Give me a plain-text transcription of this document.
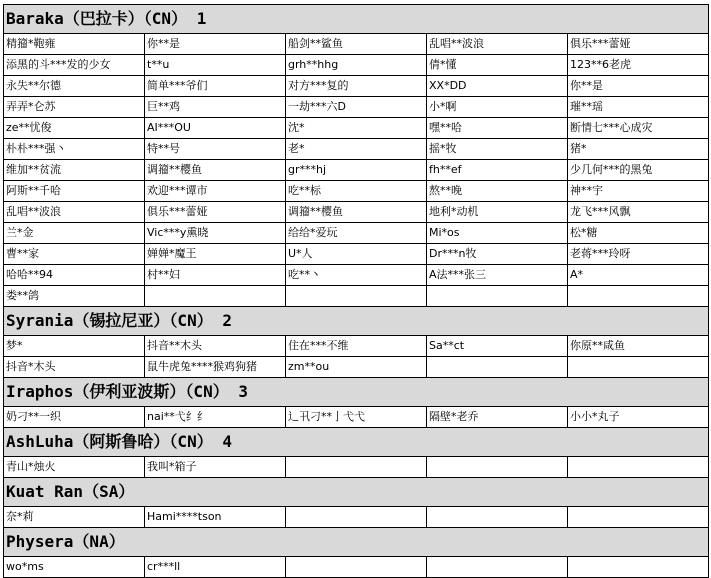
Baraka（巴拉卡）（CN） 1				
精籀*鞄雍	你**是	船剑**鲨鱼	乱唱**波浪	俱乐***蕾娅
添黑的斗***发的少女	t**u	grh**hhg	倩*懂	123**6老虎
永失**尔德	简单***爷们	对方***复的	XX*DD	你**是
弄弄*仑苏	巨**鸡	一劫***六D	小*啊	璀**瑶
ze**忧俊	AI***OU	沈*	嘿**哈	断情七***心成灾
朴朴***强丶	特**号	老*	摇*牧	猪*
维加**贫流	调籀**樱鱼	gr***hj	fh**ef	少几何***的黑兔
阿斯**千哈	欢迎***谭市	吃**标	熬**晚	神**宇
乱唱**波浪	俱乐***蕾娅	调籀**樱鱼	地利*动机	龙飞***风飘
兰*金	Vic***y熏晓	给给*爱玩	Mi*os	松*糖
曹**家	婵婵*魔王	U*人	Dr***n牧	老蒋***玲呀
哈哈**94	村**妇	吃**丶	A法***张三	A*
娄**鸽				
Syrania（锡拉尼亚）（CN） 2				
梦*	抖音**木头	住在***不维	Sa**ct	你原**咸鱼
抖音*木头	鼠牛虎兔****猴鸡狗猪	zm**ou		
Iraphos（伊利亚波斯）（CN） 3				
奶刁**一织	nai**弋纟纟	辶卂刁**亅弋弋	隔壁*老乔	小小*丸子
AshLuha（阿斯鲁哈）（CN） 4				
青山*烛火	我叫*箱子			
Kuat Ran（SA）				
奈*莉	Hami****tson			
Physera（NA）				
wo*ms	cr***ll			
